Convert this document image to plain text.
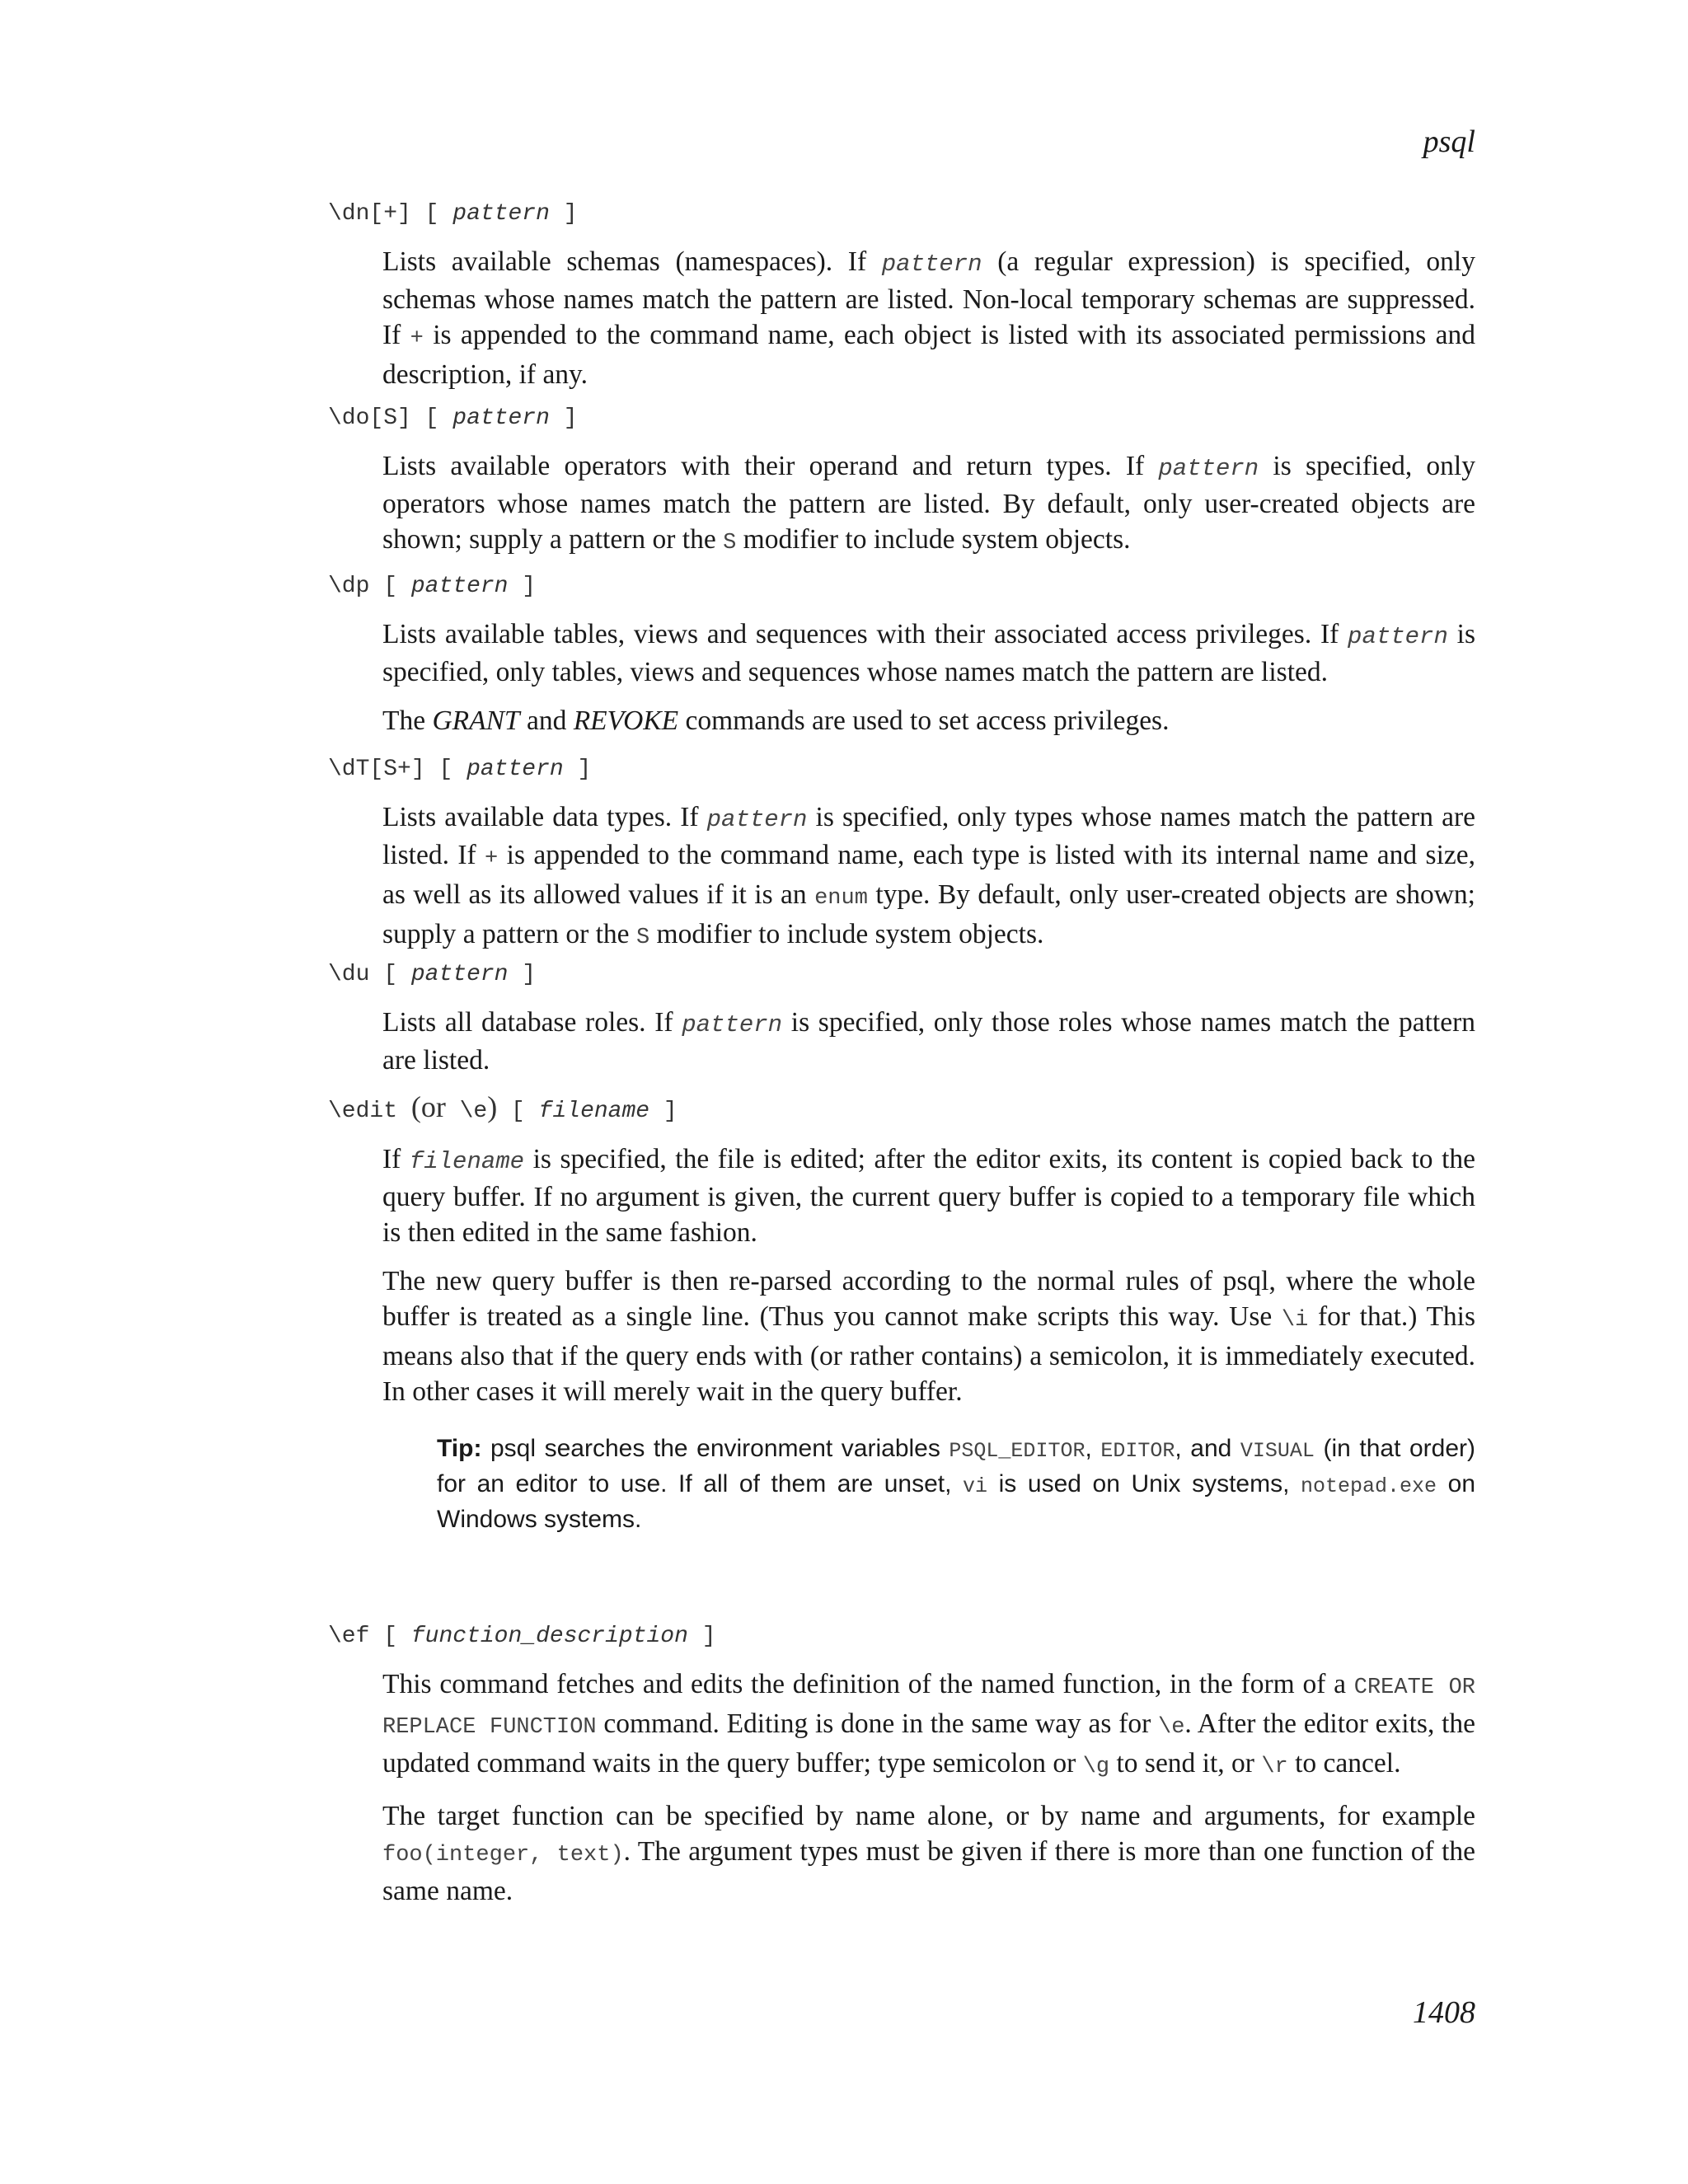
psql
\dn[+] [ pattern ]
Lists available schemas (namespaces). If pattern (a regular expression) is specified, only schemas whose names match the pattern are listed. Non-local temporary schemas are suppressed. If + is appended to the command name, each object is listed with its associated permissions and description, if any.
\do[S] [ pattern ]
Lists available operators with their operand and return types. If pattern is specified, only operators whose names match the pattern are listed. By default, only user-created objects are shown; supply a pattern or the S modifier to include system objects.
\dp [ pattern ]
Lists available tables, views and sequences with their associated access privileges. If pattern is specified, only tables, views and sequences whose names match the pattern are listed.
The GRANT and REVOKE commands are used to set access privileges.
\dT[S+] [ pattern ]
Lists available data types. If pattern is specified, only types whose names match the pattern are listed. If + is appended to the command name, each type is listed with its internal name and size, as well as its allowed values if it is an enum type. By default, only user-created objects are shown; supply a pattern or the S modifier to include system objects.
\du [ pattern ]
Lists all database roles. If pattern is specified, only those roles whose names match the pattern are listed.
\edit (or \e) [ filename ]
If filename is specified, the file is edited; after the editor exits, its content is copied back to the query buffer. If no argument is given, the current query buffer is copied to a temporary file which is then edited in the same fashion.
The new query buffer is then re-parsed according to the normal rules of psql, where the whole buffer is treated as a single line. (Thus you cannot make scripts this way. Use \i for that.) This means also that if the query ends with (or rather contains) a semicolon, it is immediately executed. In other cases it will merely wait in the query buffer.
Tip: psql searches the environment variables PSQL_EDITOR, EDITOR, and VISUAL (in that order) for an editor to use. If all of them are unset, vi is used on Unix systems, notepad.exe on Windows systems.
\ef [ function_description ]
This command fetches and edits the definition of the named function, in the form of a CREATE OR REPLACE FUNCTION command. Editing is done in the same way as for \e. After the editor exits, the updated command waits in the query buffer; type semicolon or \g to send it, or \r to cancel.
The target function can be specified by name alone, or by name and arguments, for example foo(integer, text). The argument types must be given if there is more than one function of the same name.
1408
